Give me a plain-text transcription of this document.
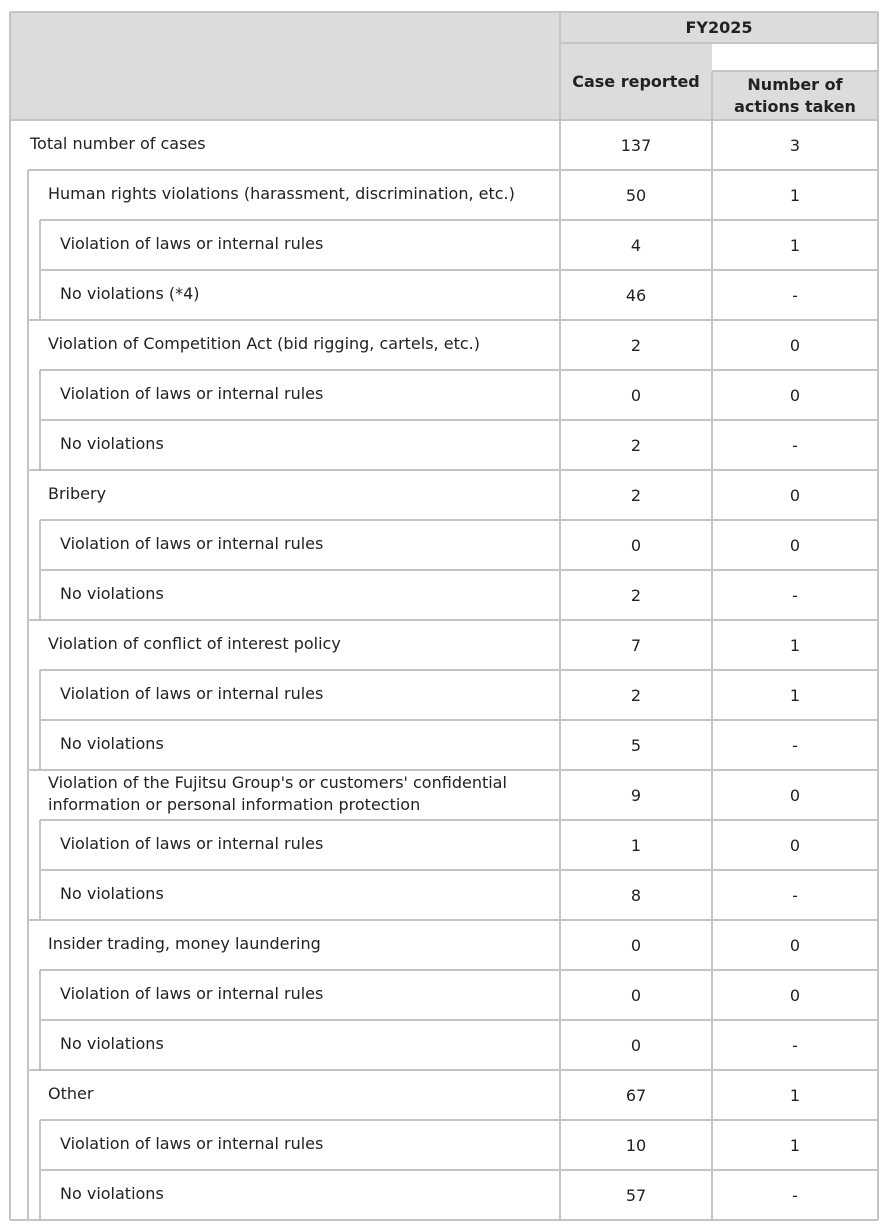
FY2025
Case reported	Number of actions taken
Total number of cases	137	3
Human rights violations (harassment, discrimination, etc.)	50	1
Violation of laws or internal rules	4	1
No violations (*4)	46	-
Violation of Competition Act (bid rigging, cartels, etc.)	2	0
Violation of laws or internal rules	0	0
No violations	2	-
Bribery	2	0
Violation of laws or internal rules	0	0
No violations	2	-
Violation of conflict of interest policy	7	1
Violation of laws or internal rules	2	1
No violations	5	-
Violation of the Fujitsu Group's or customers' confidential information or personal information protection	9	0
Violation of laws or internal rules	1	0
No violations	8	-
Insider trading, money laundering	0	0
Violation of laws or internal rules	0	0
No violations	0	-
Other	67	1
Violation of laws or internal rules	10	1
No violations	57	-
